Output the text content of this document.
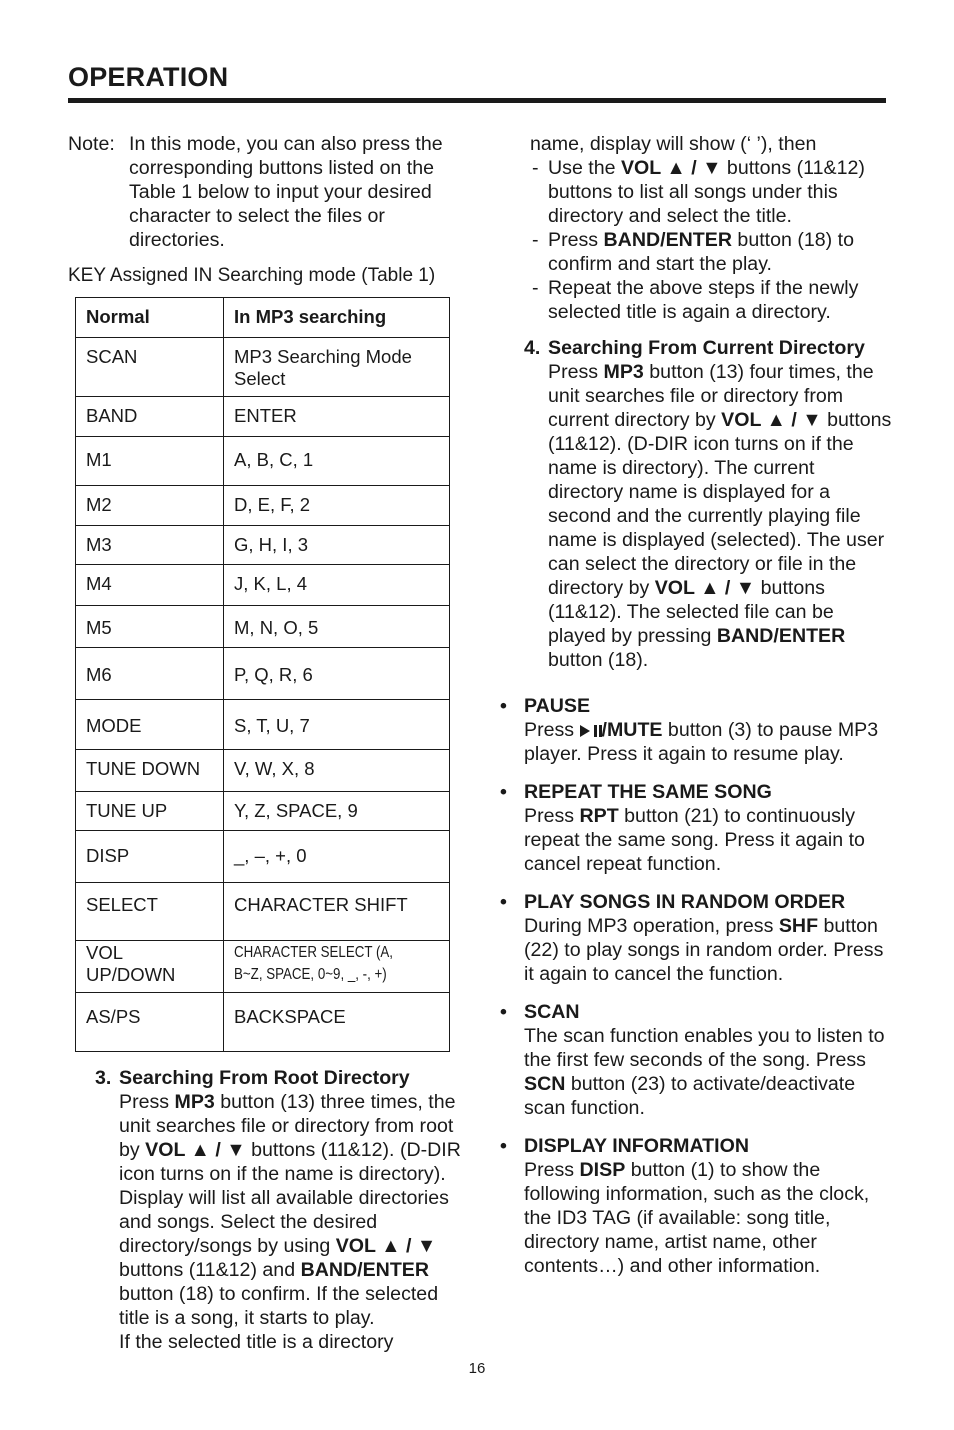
OPERATION
Note: In this mode, you can also press the corresponding buttons listed on the Table 1 below to input your desired character to select the files or directories.
KEY Assigned IN Searching mode (Table 1)
Normal	In MP3 searching
SCAN	MP3 Searching Mode Select
BAND	ENTER
M1	A, B, C, 1
M2	D, E, F, 2
M3	G, H, I, 3
M4	J, K, L, 4
M5	M, N, O, 5
M6	P, Q, R, 6
MODE	S, T, U, 7
TUNE DOWN	V, W, X, 8
TUNE UP	Y, Z, SPACE, 9
DISP	_, –, +, 0
SELECT	CHARACTER SHIFT
VOL UP/DOWN	CHARACTER SELECT (A, B~Z, SPACE, 0~9, _, -, +)
AS/PS	BACKSPACE
3. Searching From Root Directory
Press MP3 button (13) three times, the unit searches file or directory from root by VOL ▲ / ▼ buttons (11&12). (D-DIR icon turns on if the name is directory). Display will list all available directories and songs. Select the desired directory/songs by using VOL ▲ / ▼ buttons (11&12) and BAND/ENTER button (18) to confirm. If the selected title is a song, it starts to play.
If the selected title is a directory
name, display will show (‘ ’), then
- Use the VOL ▲ / ▼ buttons (11&12) buttons to list all songs under this directory and select the title.
- Press BAND/ENTER button (18) to confirm and start the play.
- Repeat the above steps if the newly selected title is again a directory.
4. Searching From Current Directory
Press MP3 button (13) four times, the unit searches file or directory from current directory by VOL ▲ / ▼ buttons (11&12). (D-DIR icon turns on if the name is directory). The current directory name is displayed for a second and the currently playing file name is displayed (selected). The user can select the directory or file in the directory by VOL ▲ / ▼ buttons (11&12). The selected file can be played by pressing BAND/ENTER button (18).
• PAUSE
Press /MUTE button (3) to pause MP3 player. Press it again to resume play.
• REPEAT THE SAME SONG
Press RPT button (21) to continuously repeat the same song. Press it again to cancel repeat function.
• PLAY SONGS IN RANDOM ORDER
During MP3 operation, press SHF button (22) to play songs in random order. Press it again to cancel the function.
• SCAN
The scan function enables you to listen to the first few seconds of the song. Press SCN button (23) to activate/deactivate scan function.
• DISPLAY INFORMATION
Press DISP button (1) to show the following information, such as the clock, the ID3 TAG (if available: song title, directory name, artist name, other contents…) and other information.
16
